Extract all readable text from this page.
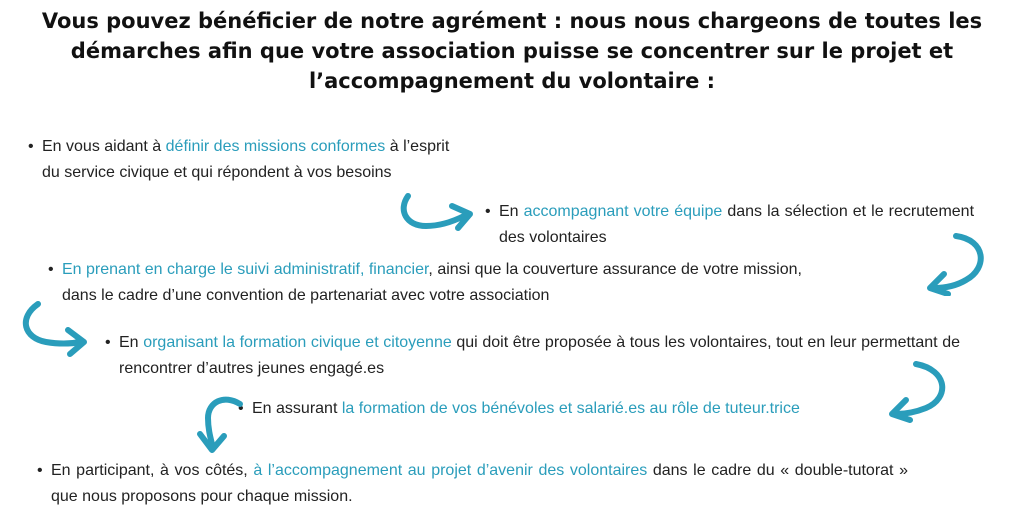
Vous pouvez bénéficier de notre agrément : nous nous chargeons de toutes les
démarches afin que votre association puisse se concentrer sur le projet et
l’accompagnement du volontaire :
• En vous aidant à définir des missions conformes à l’esprit
du service civique et qui répondent à vos besoins
• En accompagnant votre équipe dans la sélection et le recrutement des volontaires
• En prenant en charge le suivi administratif, financier, ainsi que la couverture assurance de votre mission,
dans le cadre d’une convention de partenariat avec votre association
• En organisant la formation civique et citoyenne qui doit être proposée à tous les volontaires, tout en leur permettant de rencontrer d’autres jeunes engagé.es
• En assurant la formation de vos bénévoles et salarié.es au rôle de tuteur.trice
• En participant, à vos côtés, à l’accompagnement au projet d’avenir des volontaires dans le cadre du « double-tutorat » que nous proposons pour chaque mission.
